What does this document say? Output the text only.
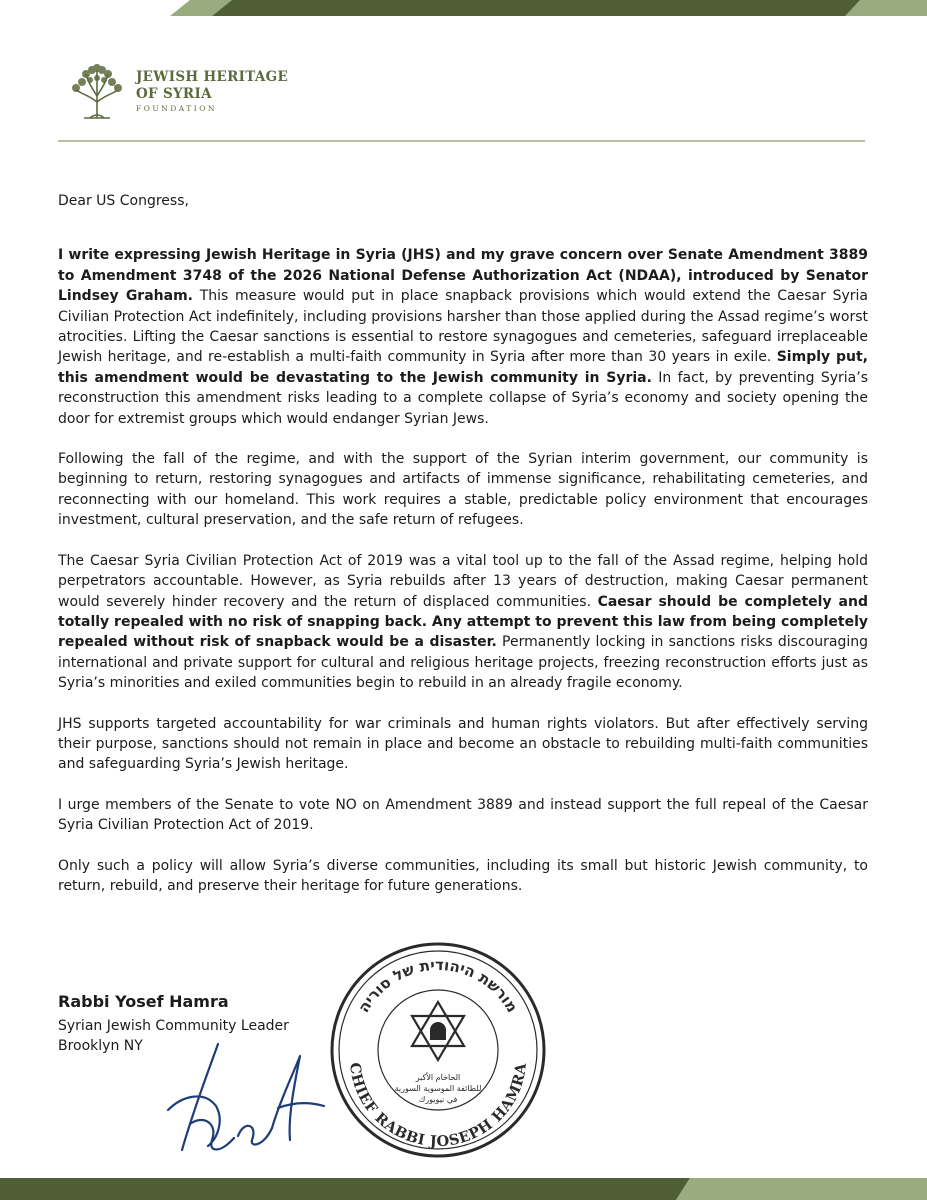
JEWISH HERITAGE
OF SYRIA
FOUNDATION

Dear US Congress,

I write expressing Jewish Heritage in Syria (JHS) and my grave concern over Senate Amendment 3889 to Amendment 3748 of the 2026 National Defense Authorization Act (NDAA), introduced by Senator Lindsey Graham. This measure would put in place snapback provisions which would extend the Caesar Syria Civilian Protection Act indefinitely, including provisions harsher than those applied during the Assad regime’s worst atrocities. Lifting the Caesar sanctions is essential to restore synagogues and cemeteries, safeguard irreplaceable Jewish heritage, and re-establish a multi-faith community in Syria after more than 30 years in exile. Simply put, this amendment would be devastating to the Jewish community in Syria. In fact, by preventing Syria’s reconstruction this amendment risks leading to a complete collapse of Syria’s economy and society opening the door for extremist groups which would endanger Syrian Jews.

Following the fall of the regime, and with the support of the Syrian interim government, our community is beginning to return, restoring synagogues and artifacts of immense significance, rehabilitating cemeteries, and reconnecting with our homeland. This work requires a stable, predictable policy environment that encourages investment, cultural preservation, and the safe return of refugees.

The Caesar Syria Civilian Protection Act of 2019 was a vital tool up to the fall of the Assad regime, helping hold perpetrators accountable. However, as Syria rebuilds after 13 years of destruction, making Caesar permanent would severely hinder recovery and the return of displaced communities. Caesar should be completely and totally repealed with no risk of snapping back. Any attempt to prevent this law from being completely repealed without risk of snapback would be a disaster. Permanently locking in sanctions risks discouraging international and private support for cultural and religious heritage projects, freezing reconstruction efforts just as Syria’s minorities and exiled communities begin to rebuild in an already fragile economy.

JHS supports targeted accountability for war criminals and human rights violators. But after effectively serving their purpose, sanctions should not remain in place and become an obstacle to rebuilding multi-faith communities and safeguarding Syria’s Jewish heritage.

I urge members of the Senate to vote NO on Amendment 3889 and instead support the full repeal of the Caesar Syria Civilian Protection Act of 2019.

Only such a policy will allow Syria’s diverse communities, including its small but historic Jewish community, to return, rebuild, and preserve their heritage for future generations.

Rabbi Yosef Hamra
Syrian Jewish Community Leader
Brooklyn NY
מורשת היהודית של סוריה
CHIEF RABBI JOSEPH HAMRA
الحاخام الأكبر
للطائفة الموسوية السورية
في نيويورك
